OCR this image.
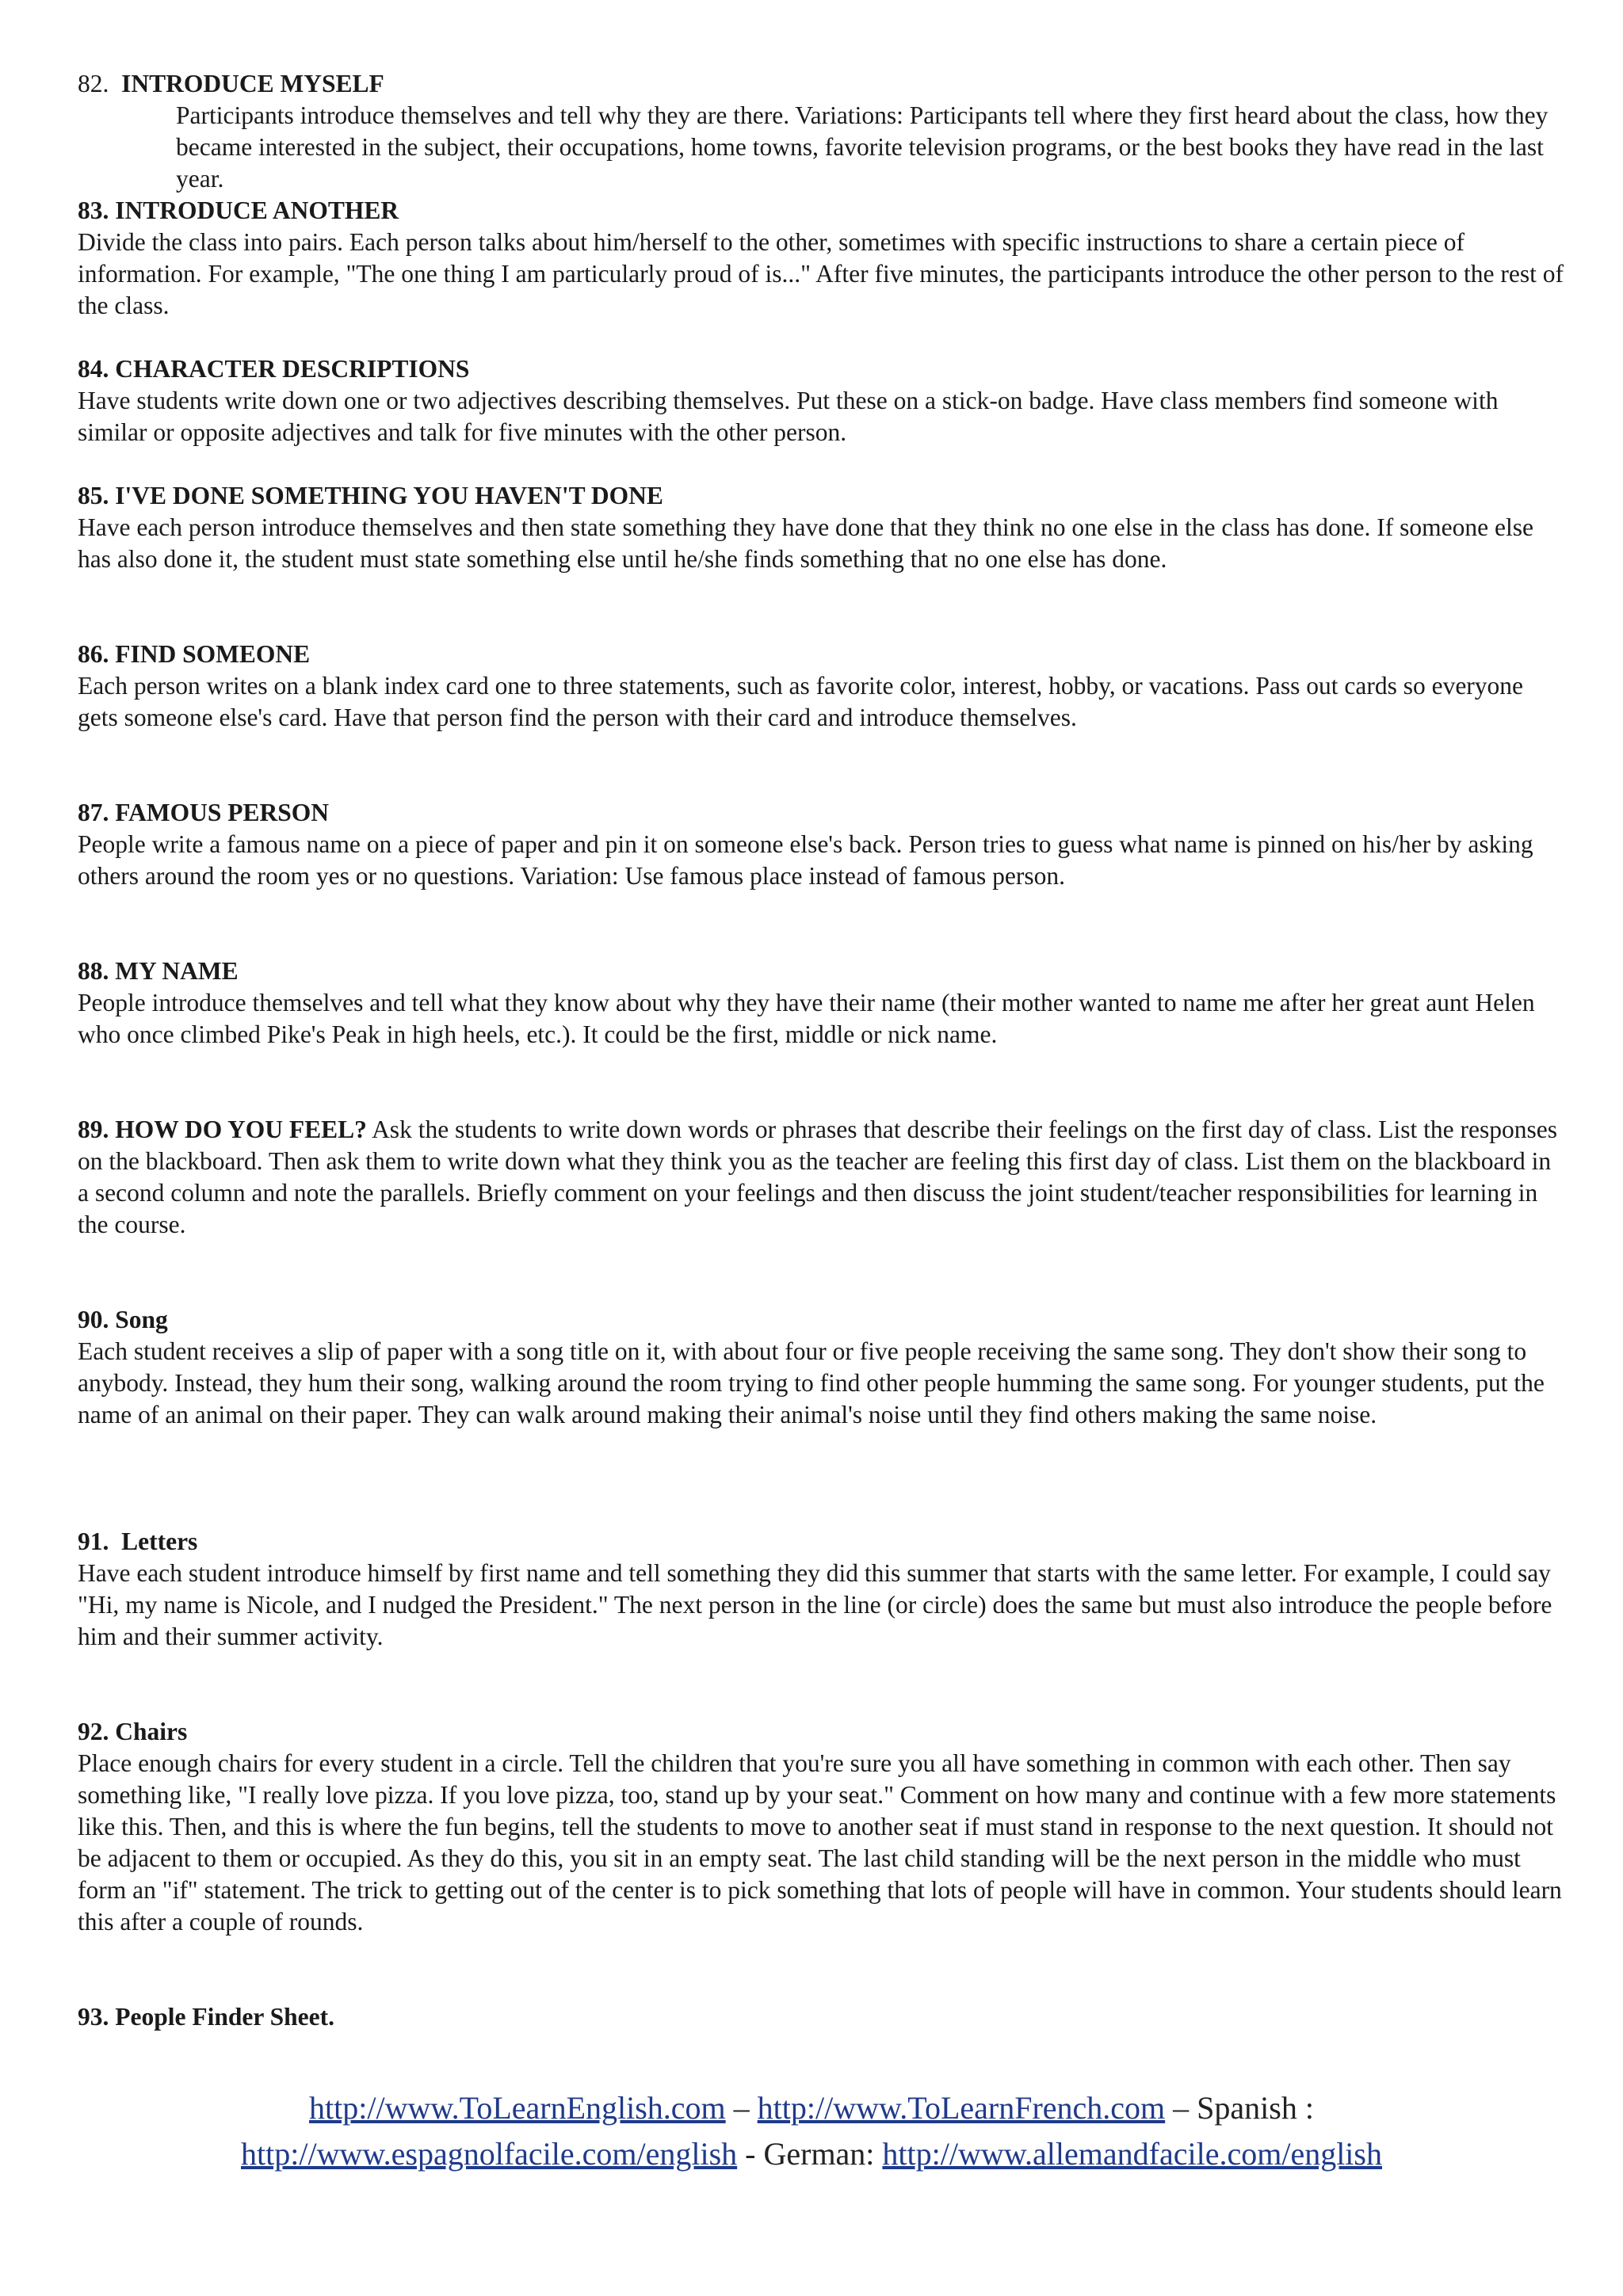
82. INTRODUCE MYSELF

Participants introduce themselves and tell why they are there. Variations: Participants tell where they first heard about the class, how they became interested in the subject, their occupations, home towns, favorite television programs, or the best books they have read in the last year.

83. INTRODUCE ANOTHER

Divide the class into pairs. Each person talks about him/herself to the other, sometimes with specific instructions to share a certain piece of information. For example, "The one thing I am particularly proud of is..." After five minutes, the participants introduce the other person to the rest of the class.

84. CHARACTER DESCRIPTIONS

Have students write down one or two adjectives describing themselves. Put these on a stick-on badge. Have class members find someone with similar or opposite adjectives and talk for five minutes with the other person.

85. I'VE DONE SOMETHING YOU HAVEN'T DONE

Have each person introduce themselves and then state something they have done that they think no one else in the class has done. If someone else has also done it, the student must state something else until he/she finds something that no one else has done.

86. FIND SOMEONE

Each person writes on a blank index card one to three statements, such as favorite color, interest, hobby, or vacations. Pass out cards so everyone gets someone else's card. Have that person find the person with their card and introduce themselves.

87. FAMOUS PERSON

People write a famous name on a piece of paper and pin it on someone else's back. Person tries to guess what name is pinned on his/her by asking others around the room yes or no questions. Variation: Use famous place instead of famous person.

88. MY NAME

People introduce themselves and tell what they know about why they have their name (their mother wanted to name me after her great aunt Helen who once climbed Pike's Peak in high heels, etc.). It could be the first, middle or nick name.

89. HOW DO YOU FEEL? Ask the students to write down words or phrases that describe their feelings on the first day of class. List the responses on the blackboard. Then ask them to write down what they think you as the teacher are feeling this first day of class. List them on the blackboard in a second column and note the parallels. Briefly comment on your feelings and then discuss the joint student/teacher responsibilities for learning in the course.

90. Song

Each student receives a slip of paper with a song title on it, with about four or five people receiving the same song. They don't show their song to anybody. Instead, they hum their song, walking around the room trying to find other people humming the same song. For younger students, put the name of an animal on their paper. They can walk around making their animal's noise until they find others making the same noise.

91.  Letters

Have each student introduce himself by first name and tell something they did this summer that starts with the same letter. For example, I could say "Hi, my name is Nicole, and I nudged the President." The next person in the line (or circle) does the same but must also introduce the people before him and their summer activity.

92. Chairs

Place enough chairs for every student in a circle. Tell the children that you're sure you all have something in common with each other. Then say something like, "I really love pizza. If you love pizza, too, stand up by your seat." Comment on how many and continue with a few more statements like this. Then, and this is where the fun begins, tell the students to move to another seat if must stand in response to the next question. It should not be adjacent to them or occupied. As they do this, you sit in an empty seat. The last child standing will be the next person in the middle who must form an "if" statement. The trick to getting out of the center is to pick something that lots of people will have in common. Your students should learn this after a couple of rounds.

93. People Finder Sheet.

http://www.ToLearnEnglish.com – http://www.ToLearnFrench.com – Spanish :
http://www.espagnolfacile.com/english - German: http://www.allemandfacile.com/english
